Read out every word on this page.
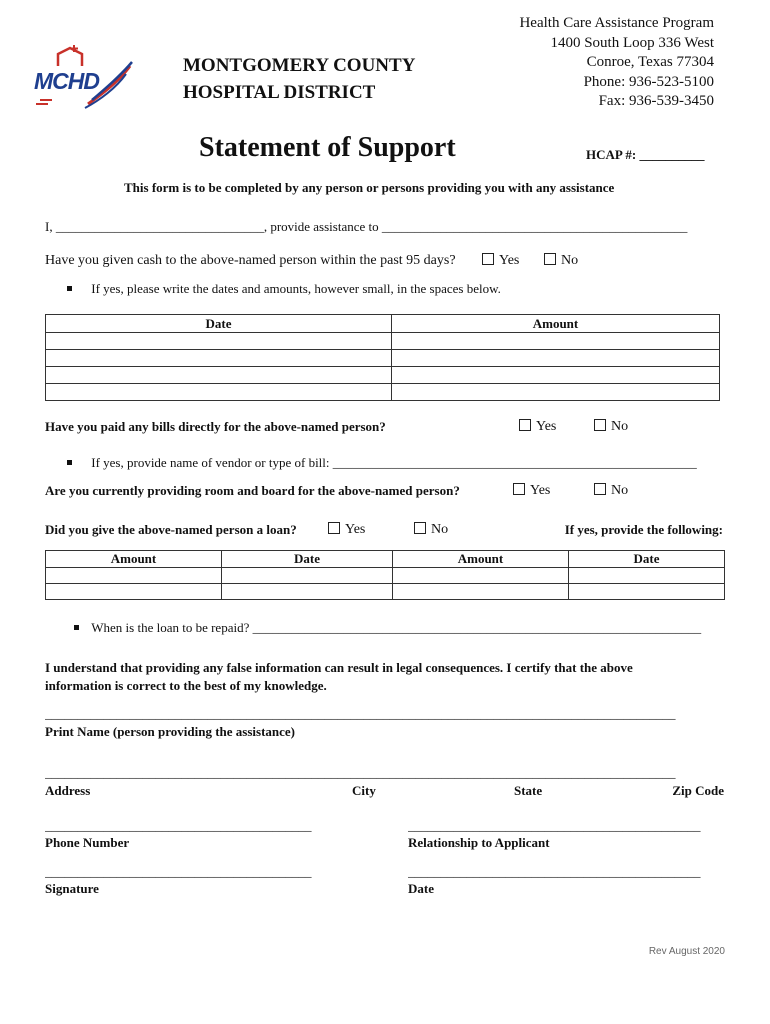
MCHD
MONTGOMERY COUNTY
HOSPITAL DISTRICT
Health Care Assistance Program
1400 South Loop 336 West
Conroe, Texas 77304
Phone: 936-523-5100
Fax: 936-539-3450
Statement of Support	HCAP #: __________
This form is to be completed by any person or persons providing you with any assistance
I, ________________________________, provide assistance to _______________________________________________
Have you given cash to the above-named person within the past 95 days?	Yes	No
If yes, please write the dates and amounts, however small, in the spaces below.
Date	Amount

Have you paid any bills directly for the above-named person?	Yes	No
If yes, provide name of vendor or type of bill: ________________________________________________________
Are you currently providing room and board for the above-named person?	Yes	No
Did you give the above-named person a loan?	Yes	No	If yes, provide the following:
Amount	Date	Amount	Date

When is the loan to be repaid? _____________________________________________________________________
I understand that providing any false information can result in legal consequences. I certify that the above
information is correct to the best of my knowledge.
_________________________________________________________________________________________________
Print Name (person providing the assistance)
_________________________________________________________________________________________________
Address	City	State	Zip Code
_________________________________________	_____________________________________________
Phone Number	Relationship to Applicant
_________________________________________	_____________________________________________
Signature	Date
Rev August 2020
